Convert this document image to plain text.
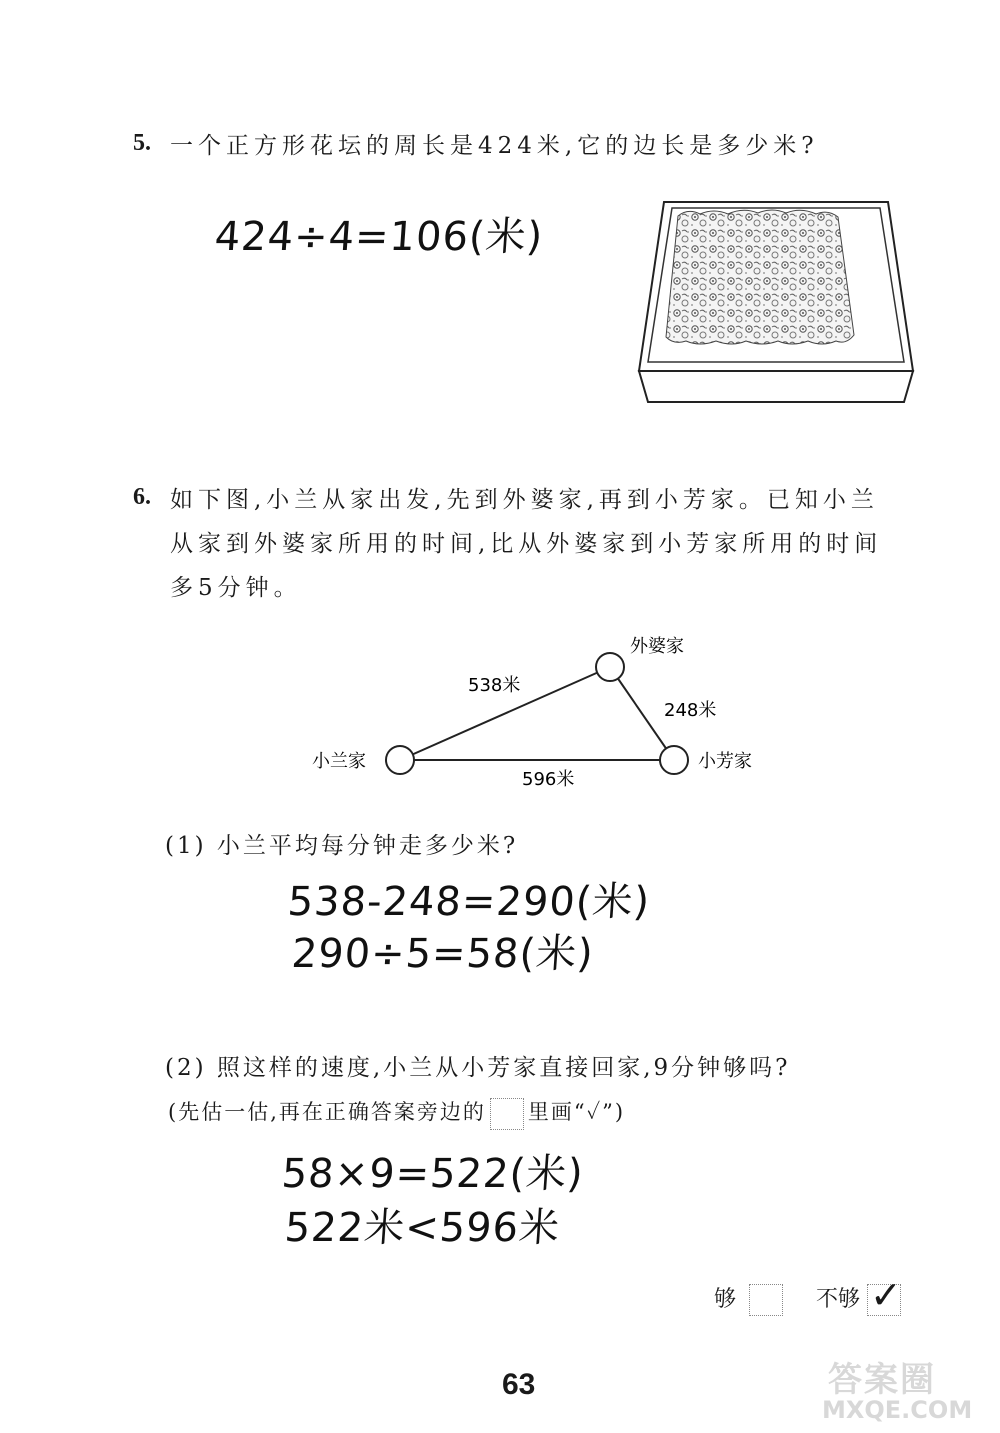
5. 一个正方形花坛的周长是424米,它的边长是多少米?
424÷4=106(米)
6. 如下图,小兰从家出发,先到外婆家,再到小芳家。已知小兰
从家到外婆家所用的时间,比从外婆家到小芳家所用的时间
多5分钟。
小兰家
外婆家
小芳家
538米
248米
596米
(1) 小兰平均每分钟走多少米?
538-248=290(米)
290÷5=58(米)
(2) 照这样的速度,小兰从小芳家直接回家,9分钟够吗?
(先估一估,再在正确答案旁边的 里画“✓”)
58×9=522(米)
522米<596米
够	不够 ✓
63	答案圈
MXQE.COM
